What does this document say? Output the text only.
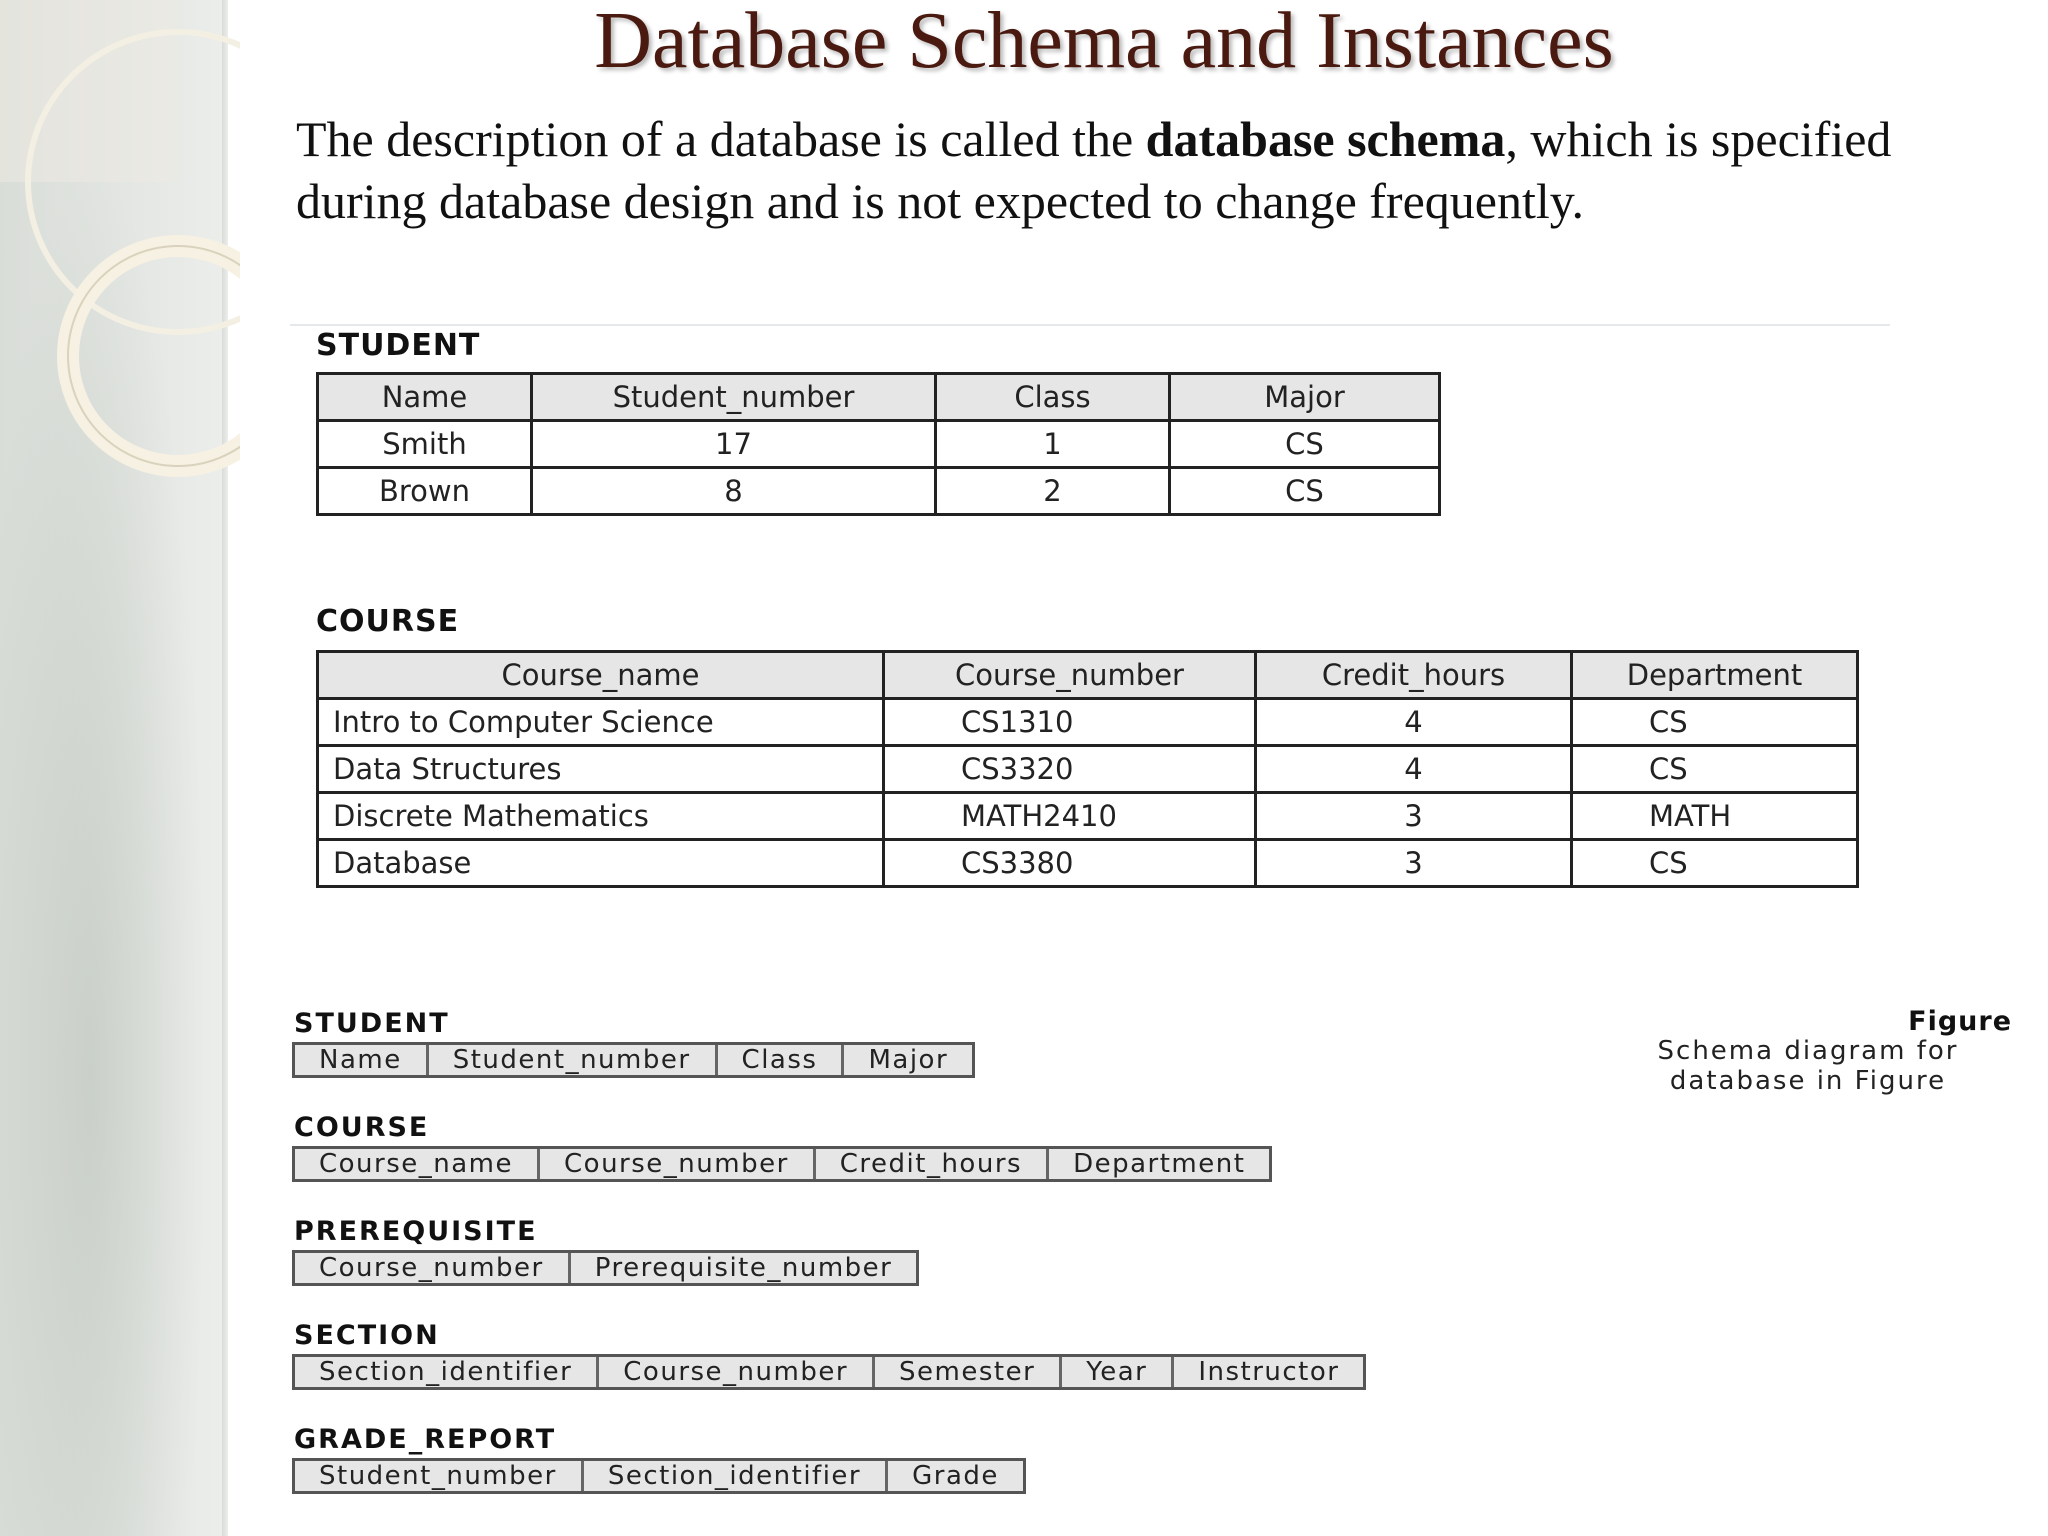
Database Schema and Instances
The description of a database is called the database schema, which is specified during database design and is not expected to change frequently.
STUDENT
Name	Student_number	Class	Major
Smith	17	1	CS
Brown	8	2	CS
COURSE
Course_name	Course_number	Credit_hours	Department
Intro to Computer Science	CS1310	4	CS
Data Structures	CS3320	4	CS
Discrete Mathematics	MATH2410	3	MATH
Database	CS3380	3	CS
STUDENT
Name	Student_number	Class	Major
COURSE
Course_name	Course_number	Credit_hours	Department
PREREQUISITE
Course_number	Prerequisite_number
SECTION
Section_identifier	Course_number	Semester	Year	Instructor
GRADE_REPORT
Student_number	Section_identifier	Grade
Figure
Schema diagram for
database in Figure
